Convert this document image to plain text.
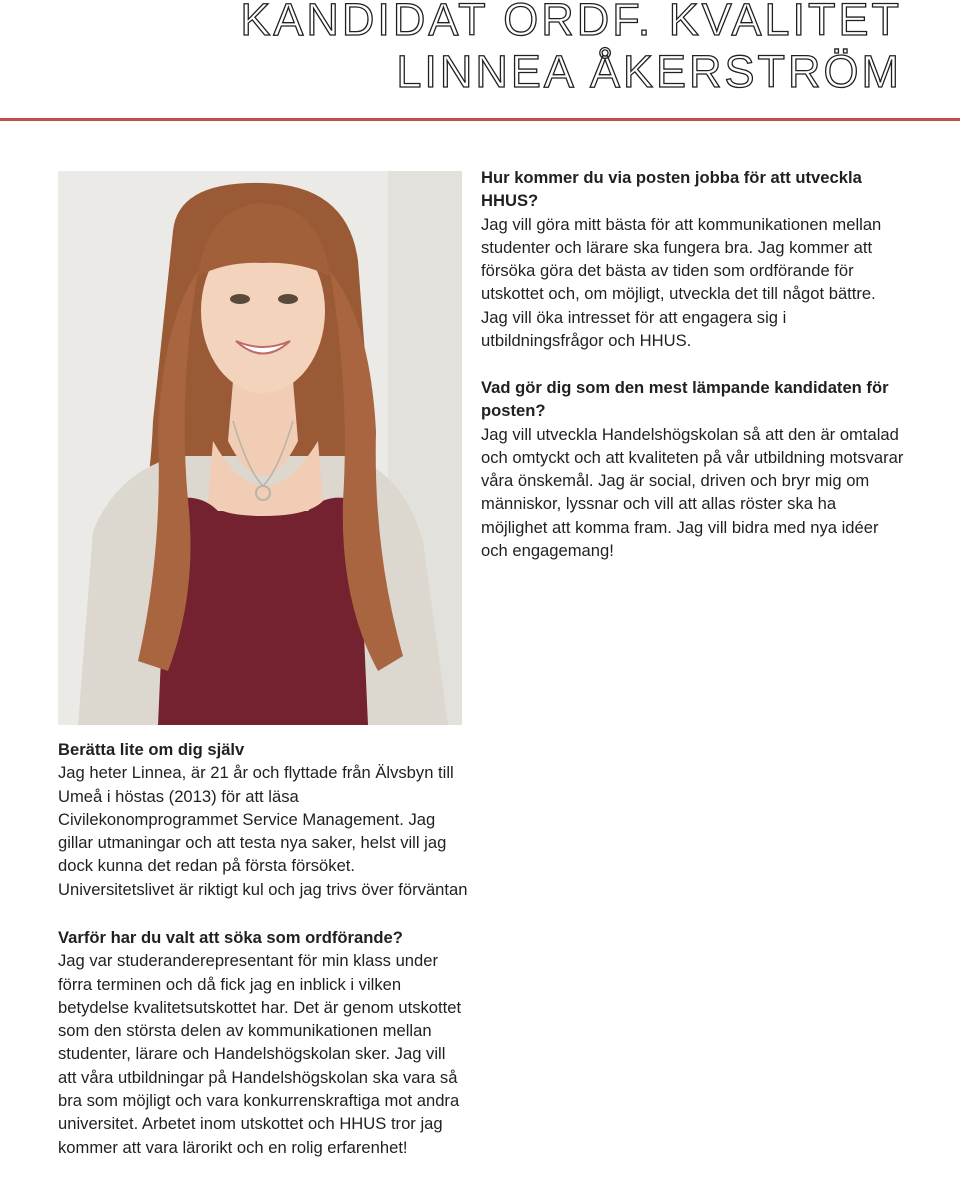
KANDIDAT ORDF. KVALITET
LINNEA ÅKERSTRÖM
Hur kommer du via posten jobba för att utveckla HHUS?
Jag vill göra mitt bästa för att kommunikationen mellan studenter och lärare ska fungera bra. Jag kommer att försöka göra det bästa av tiden som ordförande för utskottet och, om möjligt, utveckla det till något bättre. Jag vill öka intresset för att engagera sig i utbildningsfrågor och HHUS.
Vad gör dig som den mest lämpande kandidaten för posten?
Jag vill utveckla Handelshögskolan så att den är omtalad och omtyckt och att kvaliteten på vår utbildning motsvarar våra önskemål. Jag är social, driven och bryr mig om människor, lyssnar och vill att allas röster ska ha möjlighet att komma fram. Jag vill bidra med nya idéer och engagemang!
Berätta lite om dig själv
Jag heter Linnea, är 21 år och flyttade från Älvsbyn till Umeå i höstas (2013) för att läsa Civilekonomprogrammet Service Management. Jag gillar utmaningar och att testa nya saker, helst vill jag dock kunna det redan på första försöket. Universitetslivet är riktigt kul och jag trivs över förväntan
Varför har du valt att söka som ordförande?
Jag var studeranderepresentant för min klass under förra terminen och då fick jag en inblick i vilken betydelse kvalitetsutskottet har. Det är genom utskottet som den största delen av kommunikationen mellan studenter, lärare och Handelshögskolan sker. Jag vill att våra utbildningar på Handelshögskolan ska vara så bra som möjligt och vara konkurrenskraftiga mot andra universitet. Arbetet inom utskottet och HHUS tror jag kommer att vara lärorikt och en rolig erfarenhet!
